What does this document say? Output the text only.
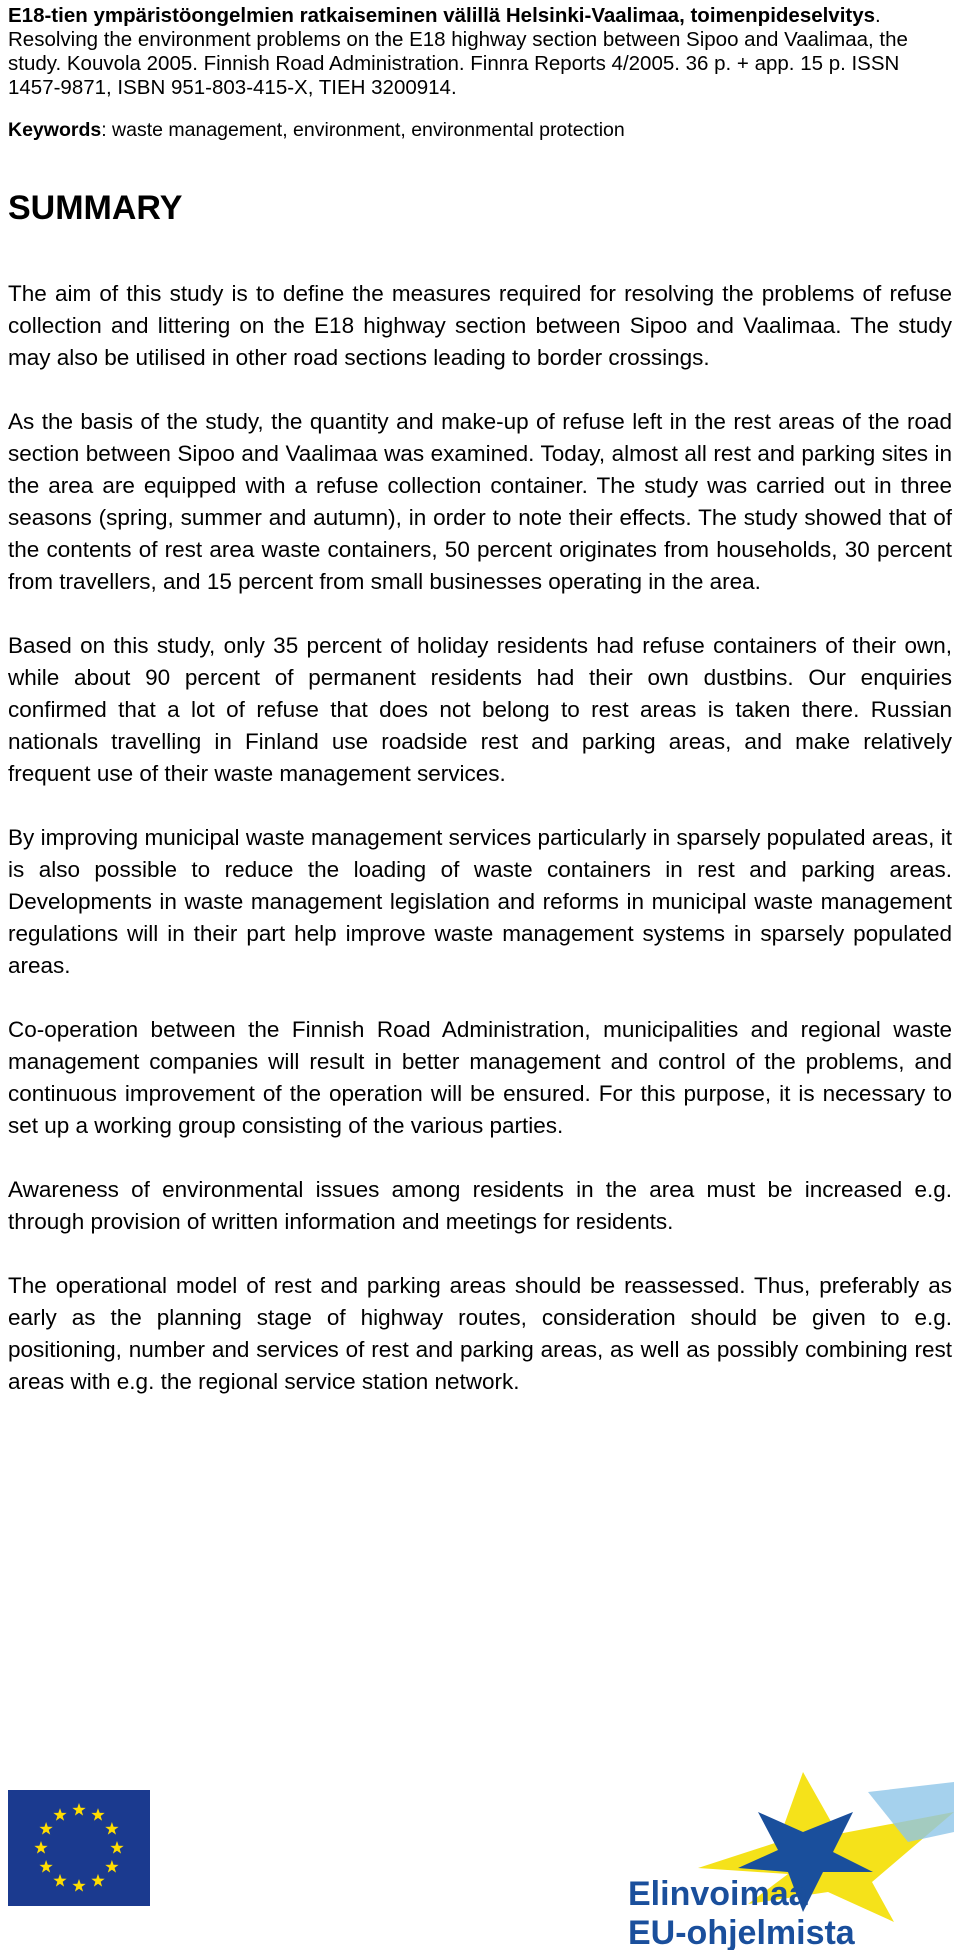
E18-tien ympäristöongelmien ratkaiseminen välillä Helsinki-Vaalimaa, toimenpideselvitys. Resolving the environment problems on the E18 highway section between Sipoo and Vaalimaa, the study. Kouvola 2005. Finnish Road Administration. Finnra Reports 4/2005. 36 p. + app. 15 p. ISSN 1457-9871, ISBN 951-803-415-X, TIEH 3200914.

Keywords: waste management, environment, environmental protection

SUMMARY

The aim of this study is to define the measures required for resolving the problems of refuse collection and littering on the E18 highway section between Sipoo and Vaalimaa. The study may also be utilised in other road sections leading to border crossings.

As the basis of the study, the quantity and make-up of refuse left in the rest areas of the road section between Sipoo and Vaalimaa was examined. Today, almost all rest and parking sites in the area are equipped with a refuse collection container. The study was carried out in three seasons (spring, summer and autumn), in order to note their effects. The study showed that of the contents of rest area waste containers, 50 percent originates from households, 30 percent from travellers, and 15 percent from small businesses operating in the area.

Based on this study, only 35 percent of holiday residents had refuse containers of their own, while about 90 percent of permanent residents had their own dustbins. Our enquiries confirmed that a lot of refuse that does not belong to rest areas is taken there. Russian nationals travelling in Finland use roadside rest and parking areas, and make relatively frequent use of their waste management services.

By improving municipal waste management services particularly in sparsely populated areas, it is also possible to reduce the loading of waste containers in rest and parking areas. Developments in waste management legislation and reforms in municipal waste management regulations will in their part help improve waste management systems in sparsely populated areas.

Co-operation between the Finnish Road Administration, municipalities and regional waste management companies will result in better management and control of the problems, and continuous improvement of the operation will be ensured. For this purpose, it is necessary to set up a working group consisting of the various parties.

Awareness of environmental issues among residents in the area must be increased e.g. through provision of written information and meetings for residents.

The operational model of rest and parking areas should be reassessed. Thus, preferably as early as the planning stage of highway routes, consideration should be given to e.g. positioning, number and services of rest and parking areas, as well as possibly combining rest areas with e.g. the regional service station network.

Elinvoimaa
EU-ohjelmista
